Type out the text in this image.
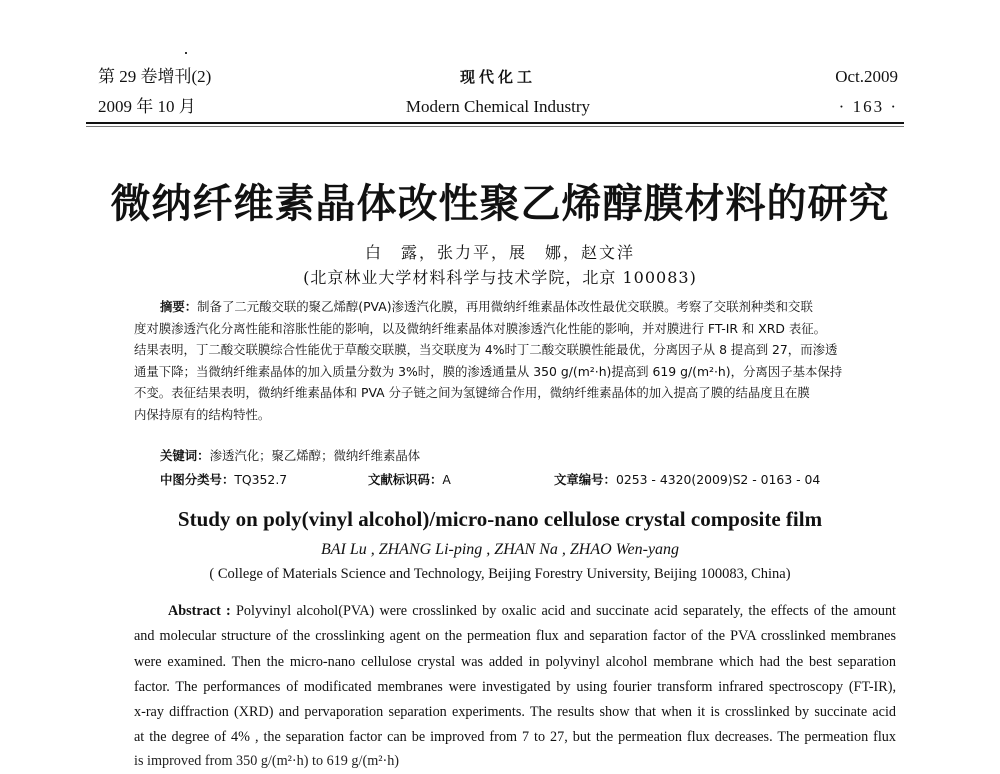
第 29 卷增刊(2)
2009 年 10 月
现代化工
Modern Chemical Industry
Oct.2009
· 163 ·
微纳纤维素晶体改性聚乙烯醇膜材料的研究
白　露，张力平，展　娜，赵文洋
(北京林业大学材料科学与技术学院，北京 100083)
摘要：制备了二元酸交联的聚乙烯醇(PVA)渗透汽化膜，再用微纳纤维素晶体改性最优交联膜。考察了交联剂种类和交联
度对膜渗透汽化分离性能和溶胀性能的影响，以及微纳纤维素晶体对膜渗透汽化性能的影响，并对膜进行 FT-IR 和 XRD 表征。
结果表明，丁二酸交联膜综合性能优于草酸交联膜，当交联度为 4%时丁二酸交联膜性能最优，分离因子从 8 提高到 27，而渗透
通量下降；当微纳纤维素晶体的加入质量分数为 3%时，膜的渗透通量从 350 g/(m²·h)提高到 619 g/(m²·h)，分离因子基本保持
不变。表征结果表明，微纳纤维素晶体和 PVA 分子链之间为氢键缔合作用，微纳纤维素晶体的加入提高了膜的结晶度且在膜
内保持原有的结构特性。
关键词：渗透汽化；聚乙烯醇；微纳纤维素晶体
中图分类号：TQ352.7	文献标识码：A	文章编号：0253 - 4320(2009)S2 - 0163 - 04
Study on poly(vinyl alcohol)/micro-nano cellulose crystal composite film
BAI Lu , ZHANG Li-ping , ZHAN Na , ZHAO Wen-yang
( College of Materials Science and Technology, Beijing Forestry University, Beijing 100083, China)
Abstract : Polyvinyl alcohol(PVA) were crosslinked by oxalic acid and succinate acid separately, the effects of the amount
and molecular structure of the crosslinking agent on the permeation flux and separation factor of the PVA crosslinked membranes
were examined. Then the micro-nano cellulose crystal was added in polyvinyl alcohol membrane which had the best separation
factor. The performances of modificated membranes were investigated by using fourier transform infrared spectroscopy (FT-IR),
x-ray diffraction (XRD) and pervaporation separation experiments. The results show that when it is crosslinked by succinate acid
at the degree of 4% , the separation factor can be improved from 7 to 27, but the permeation flux decreases. The permeation flux
is improved from 350 g/(m²·h) to 619 g/(m²·h)
